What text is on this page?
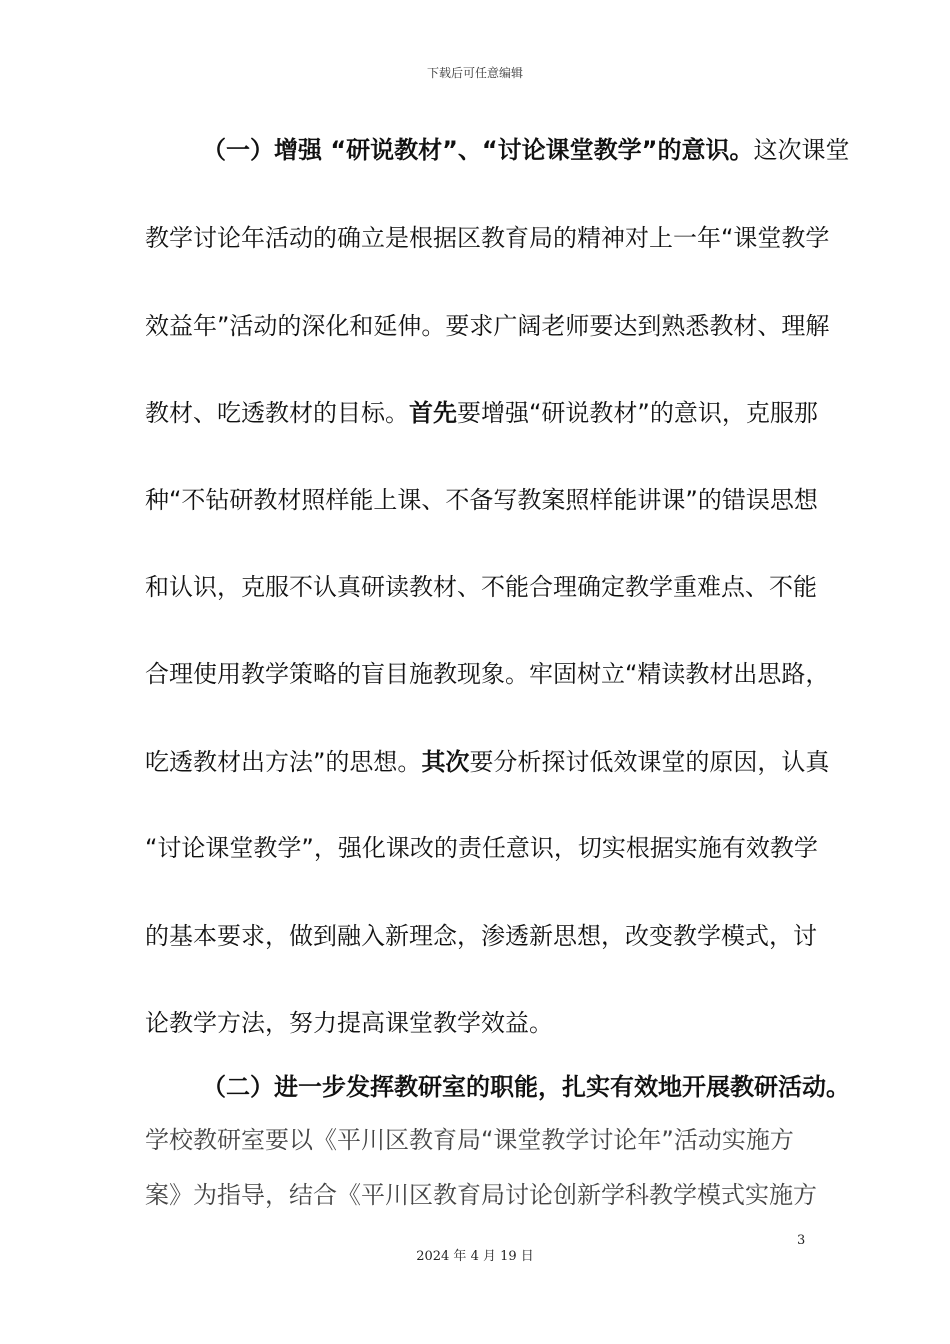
下载后可任意编辑
（一）增强 “研说教材”、“讨论课堂教学”的意识。这次课堂
教学讨论年活动的确立是根据区教育局的精神对上一年“课堂教学
效益年”活动的深化和延伸。要求广阔老师要达到熟悉教材、理解
教材、吃透教材的目标。首先要增强“研说教材”的意识，克服那
种“不钻研教材照样能上课、不备写教案照样能讲课”的错误思想
和认识，克服不认真研读教材、不能合理确定教学重难点、不能
合理使用教学策略的盲目施教现象。牢固树立“精读教材出思路，
吃透教材出方法”的思想。其次要分析探讨低效课堂的原因，认真
“讨论课堂教学”，强化课改的责任意识，切实根据实施有效教学
的基本要求，做到融入新理念，渗透新思想，改变教学模式，讨
论教学方法，努力提高课堂教学效益。
（二）进一步发挥教研室的职能，扎实有效地开展教研活动。
学校教研室要以《平川区教育局“课堂教学讨论年”活动实施方
案》为指导，结合《平川区教育局讨论创新学科教学模式实施方
3
2024 年 4 月 19 日
